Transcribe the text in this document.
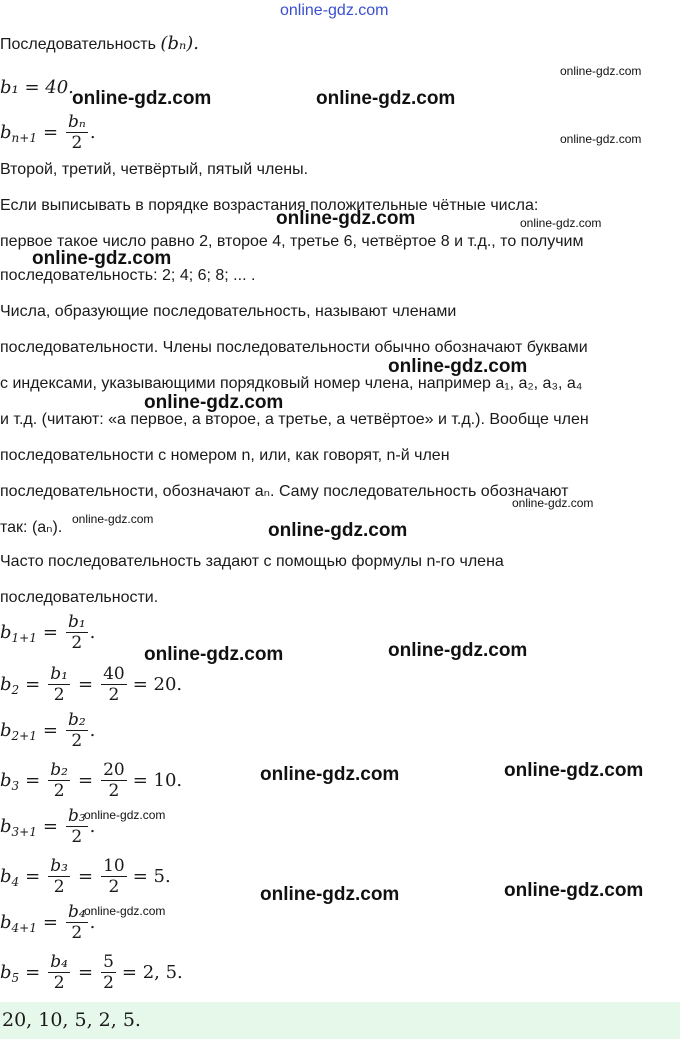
online-gdz.com
Последовательность (bₙ).
b₁ = 40.
b $n+1 = \frac{\text{bₙ}}{2}$ .
Второй, третий, четвёртый, пятый члены.
Если выписывать в порядке возрастания положительные чётные числа:
первое такое число равно 2, второе 4, третье 6, четвёртое 8 и т.д., то получим
последовательность: 2; 4; 6; 8; ... .
Числа, образующие последовательность, называют членами
последовательности. Члены последовательности обычно обозначают буквами
с индексами, указывающими порядковый номер члена, например a₁, a₂, a₃, a₄
и т.д. (читают: «a первое, a второе, a третье, a четвёртое» и т.д.). Вообще член
последовательности с номером n, или, как говорят, n-й член
последовательности, обозначают aₙ. Саму последовательность обозначают
так: (aₙ).
Часто последовательность задают с помощью формулы n-го члена
последовательности.
b $1+1 = \frac{\text{b₁}}{2}$ .
b $2 = \frac{\text{b₁}}{2} = \frac{40}{2} = 20$.
b $2+1 = \frac{\text{b₂}}{2}$ .
b $3 = \frac{\text{b₂}}{2} = \frac{20}{2} = 10$.
b $3+1 = \frac{\text{b₃}}{2}$ .
b $4 = \frac{\text{b₃}}{2} = \frac{10}{2} = 5$.
b $4+1 = \frac{\text{b₄}}{2}$ .
b $5 = \frac{\text{b₄}}{2} = \frac{5}{2} = 2$, 5.
20, 10, 5, 2, 5.
online-gdz.com	online-gdz.com
online-gdz.com
online-gdz.com
online-gdz.com
online-gdz.com
online-gdz.com
online-gdz.com	online-gdz.com
online-gdz.com	online-gdz.com
online-gdz.com	online-gdz.com
online-gdz.com
online-gdz.com
online-gdz.com
online-gdz.com
online-gdz.com
online-gdz.com
online-gdz.com
